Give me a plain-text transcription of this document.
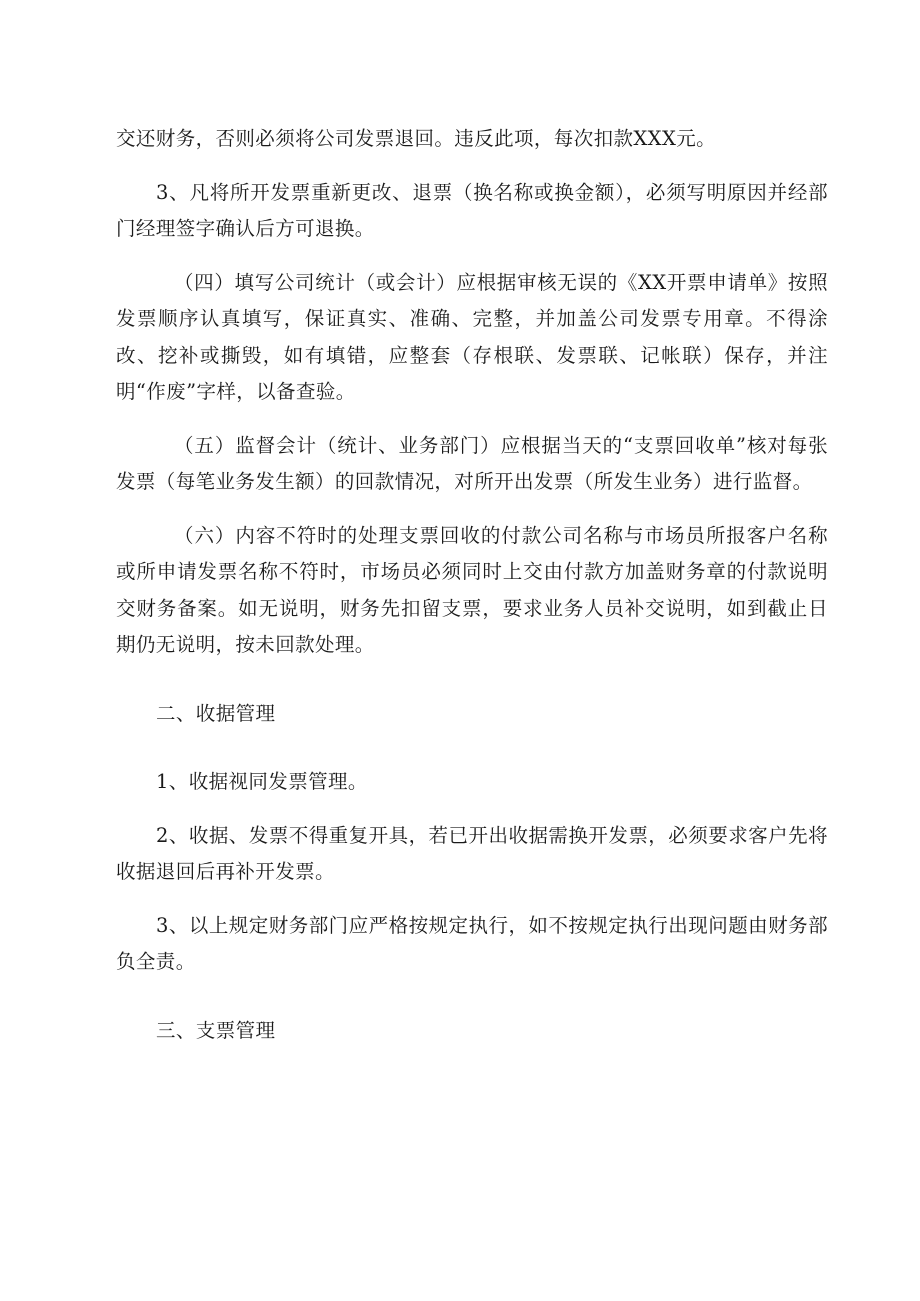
交还财务，否则必须将公司发票退回。违反此项，每次扣款XXX元。

3、凡将所开发票重新更改、退票（换名称或换金额），必须写明原因并经部门经理签字确认后方可退换。

（四）填写公司统计（或会计）应根据审核无误的《XX开票申请单》按照发票顺序认真填写，保证真实、准确、完整，并加盖公司发票专用章。不得涂改、挖补或撕毁，如有填错，应整套（存根联、发票联、记帐联）保存，并注明“作废”字样，以备查验。

（五）监督会计（统计、业务部门）应根据当天的“支票回收单”核对每张发票（每笔业务发生额）的回款情况，对所开出发票（所发生业务）进行监督。

（六）内容不符时的处理支票回收的付款公司名称与市场员所报客户名称或所申请发票名称不符时，市场员必须同时上交由付款方加盖财务章的付款说明交财务备案。如无说明，财务先扣留支票，要求业务人员补交说明，如到截止日期仍无说明，按未回款处理。

二、收据管理

1、收据视同发票管理。

2、收据、发票不得重复开具，若已开出收据需换开发票，必须要求客户先将收据退回后再补开发票。

3、以上规定财务部门应严格按规定执行，如不按规定执行出现问题由财务部负全责。

三、支票管理
